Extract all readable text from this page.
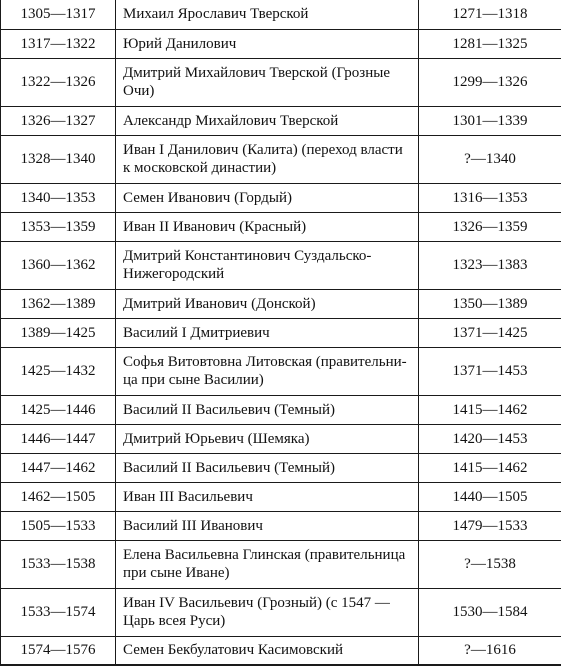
1305—1317	Михаил Ярославич Тверской	1271—1318
1317—1322	Юрий Данилович	1281—1325
1322—1326	Дмитрий Михайлович Тверской (Грозные Очи)	1299—1326
1326—1327	Александр Михайлович Тверской	1301—1339
1328—1340	Иван I Данилович (Калита) (переход власти к московской династии)	?—1340
1340—1353	Семен Иванович (Гордый)	1316—1353
1353—1359	Иван II Иванович (Красный)	1326—1359
1360—1362	Дмитрий Константинович Суздальско-Нижегородский	1323—1383
1362—1389	Дмитрий Иванович (Донской)	1350—1389
1389—1425	Василий I Дмитриевич	1371—1425
1425—1432	Софья Витовтовна Литовская (правительница при сыне Василии)	1371—1453
1425—1446	Василий II Васильевич (Темный)	1415—1462
1446—1447	Дмитрий Юрьевич (Шемяка)	1420—1453
1447—1462	Василий II Васильевич (Темный)	1415—1462
1462—1505	Иван III Васильевич	1440—1505
1505—1533	Василий III Иванович	1479—1533
1533—1538	Елена Васильевна Глинская (правительница при сыне Иване)	?—1538
1533—1574	Иван IV Васильевич (Грозный) (с 1547 — Царь всея Руси)	1530—1584
1574—1576	Семен Бекбулатович Касимовский	?—1616
